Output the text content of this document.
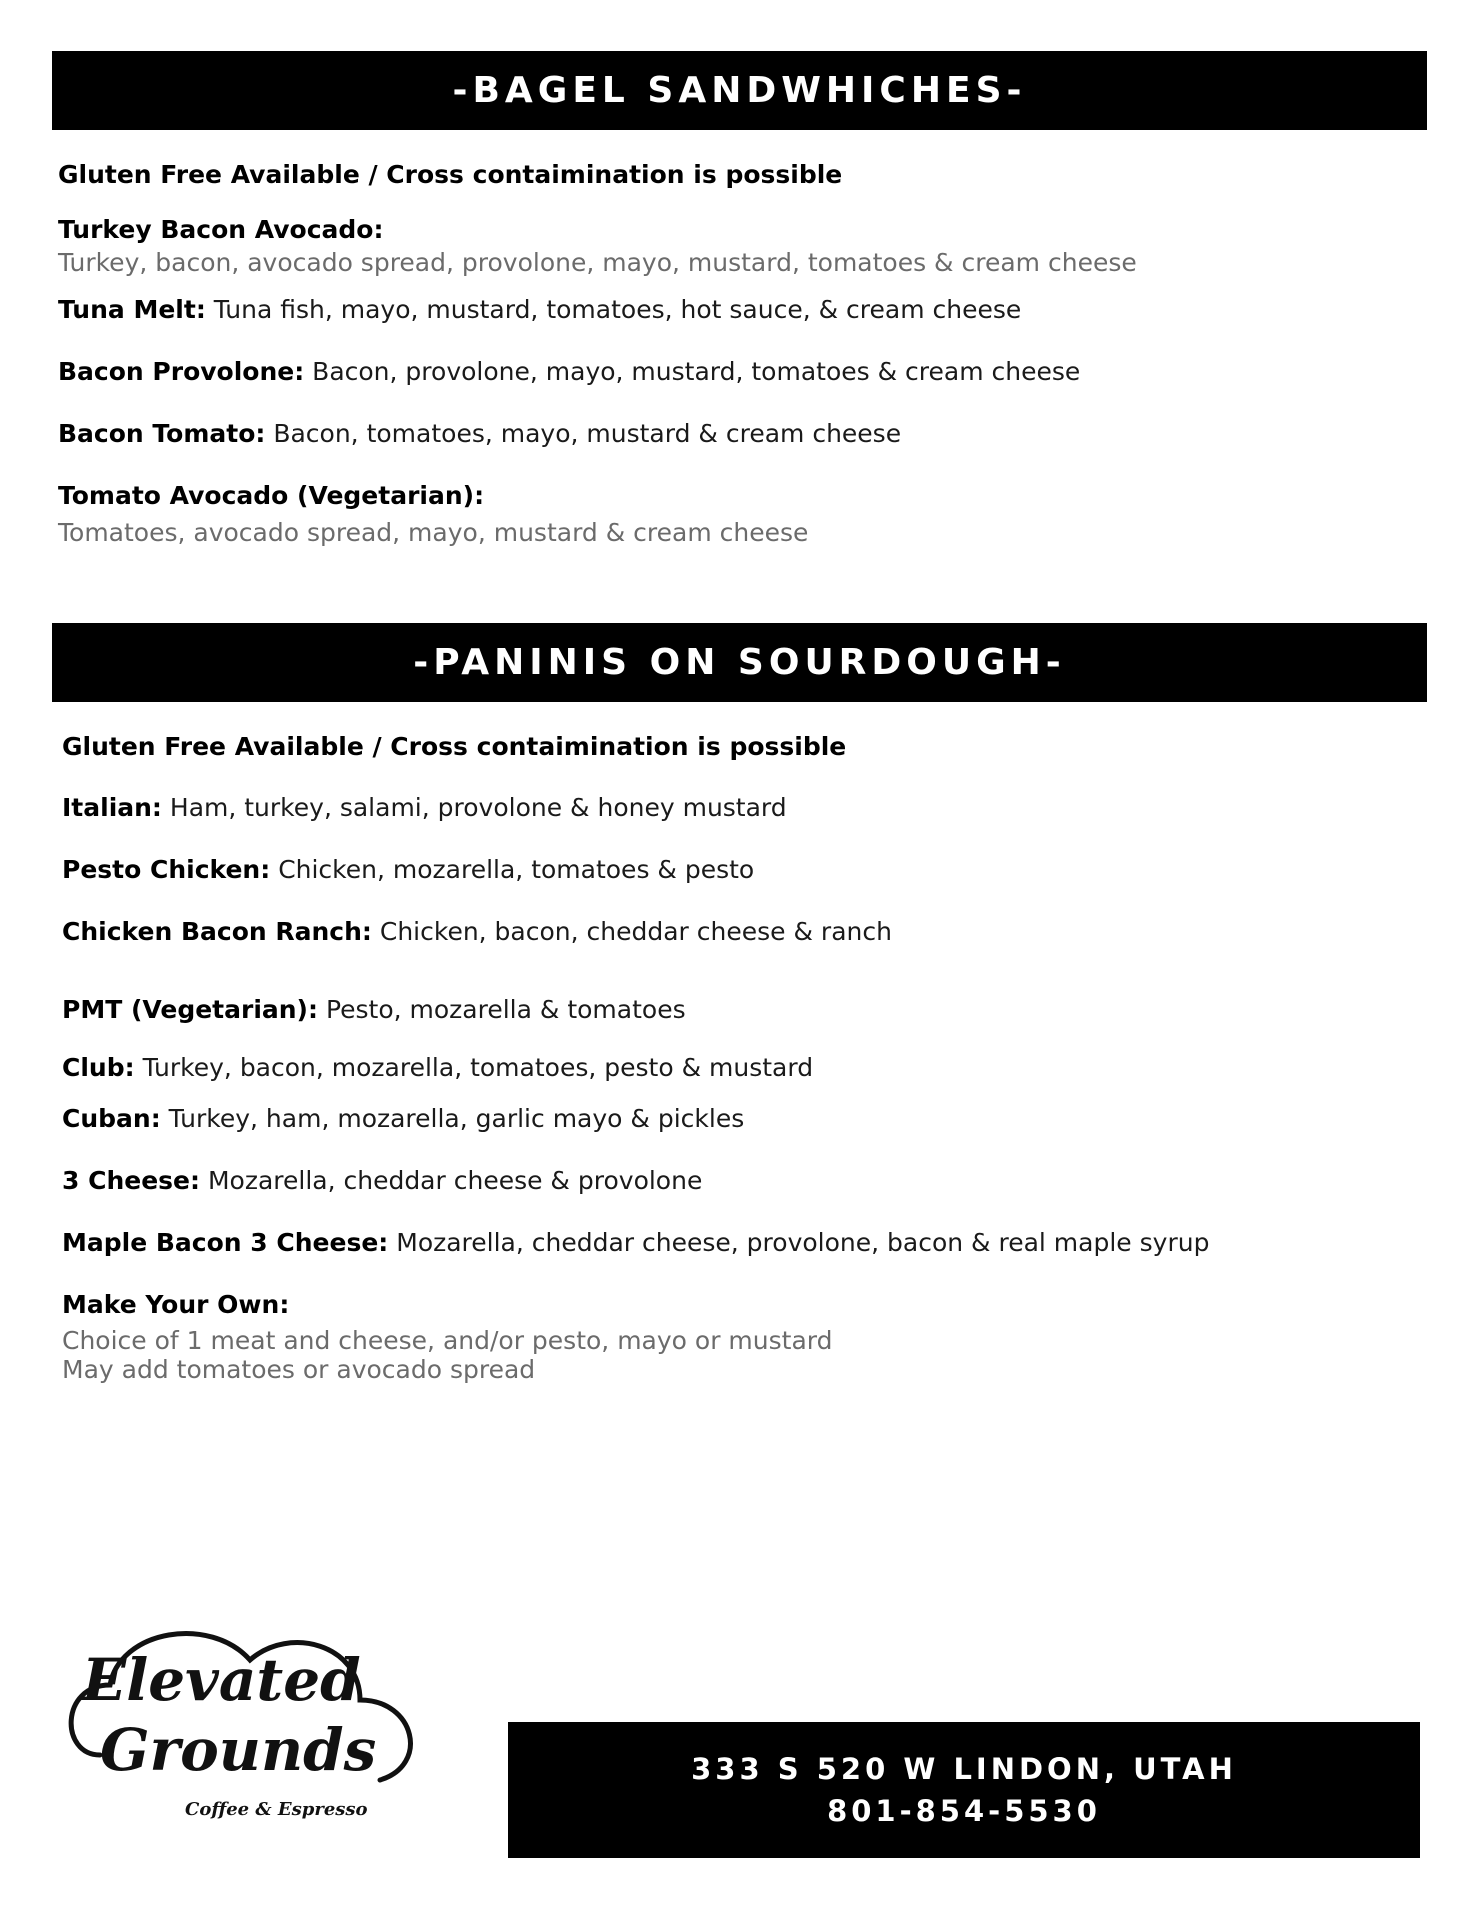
-BAGEL SANDWHICHES-
Gluten Free Available / Cross contaimination is possible
Turkey Bacon Avocado:
Turkey, bacon, avocado spread, provolone, mayo, mustard, tomatoes & cream cheese
Tuna Melt: Tuna fish, mayo, mustard, tomatoes, hot sauce, & cream cheese
Bacon Provolone: Bacon, provolone, mayo, mustard, tomatoes & cream cheese
Bacon Tomato: Bacon, tomatoes, mayo, mustard & cream cheese
Tomato Avocado (Vegetarian):
Tomatoes, avocado spread, mayo, mustard & cream cheese
-PANINIS ON SOURDOUGH-
Gluten Free Available / Cross contaimination is possible
Italian: Ham, turkey, salami, provolone & honey mustard
Pesto Chicken: Chicken, mozarella, tomatoes & pesto
Chicken Bacon Ranch: Chicken, bacon, cheddar cheese & ranch
PMT (Vegetarian): Pesto, mozarella & tomatoes
Club: Turkey, bacon, mozarella, tomatoes, pesto & mustard
Cuban: Turkey, ham, mozarella, garlic mayo & pickles
3 Cheese: Mozarella, cheddar cheese & provolone
Maple Bacon 3 Cheese: Mozarella, cheddar cheese, provolone, bacon & real maple syrup
Make Your Own:
Choice of 1 meat and cheese, and/or pesto, mayo or mustard
May add tomatoes or avocado spread
Elevated
Grounds
Coffee & Espresso
333 S 520 W LINDON, UTAH
801-854-5530
